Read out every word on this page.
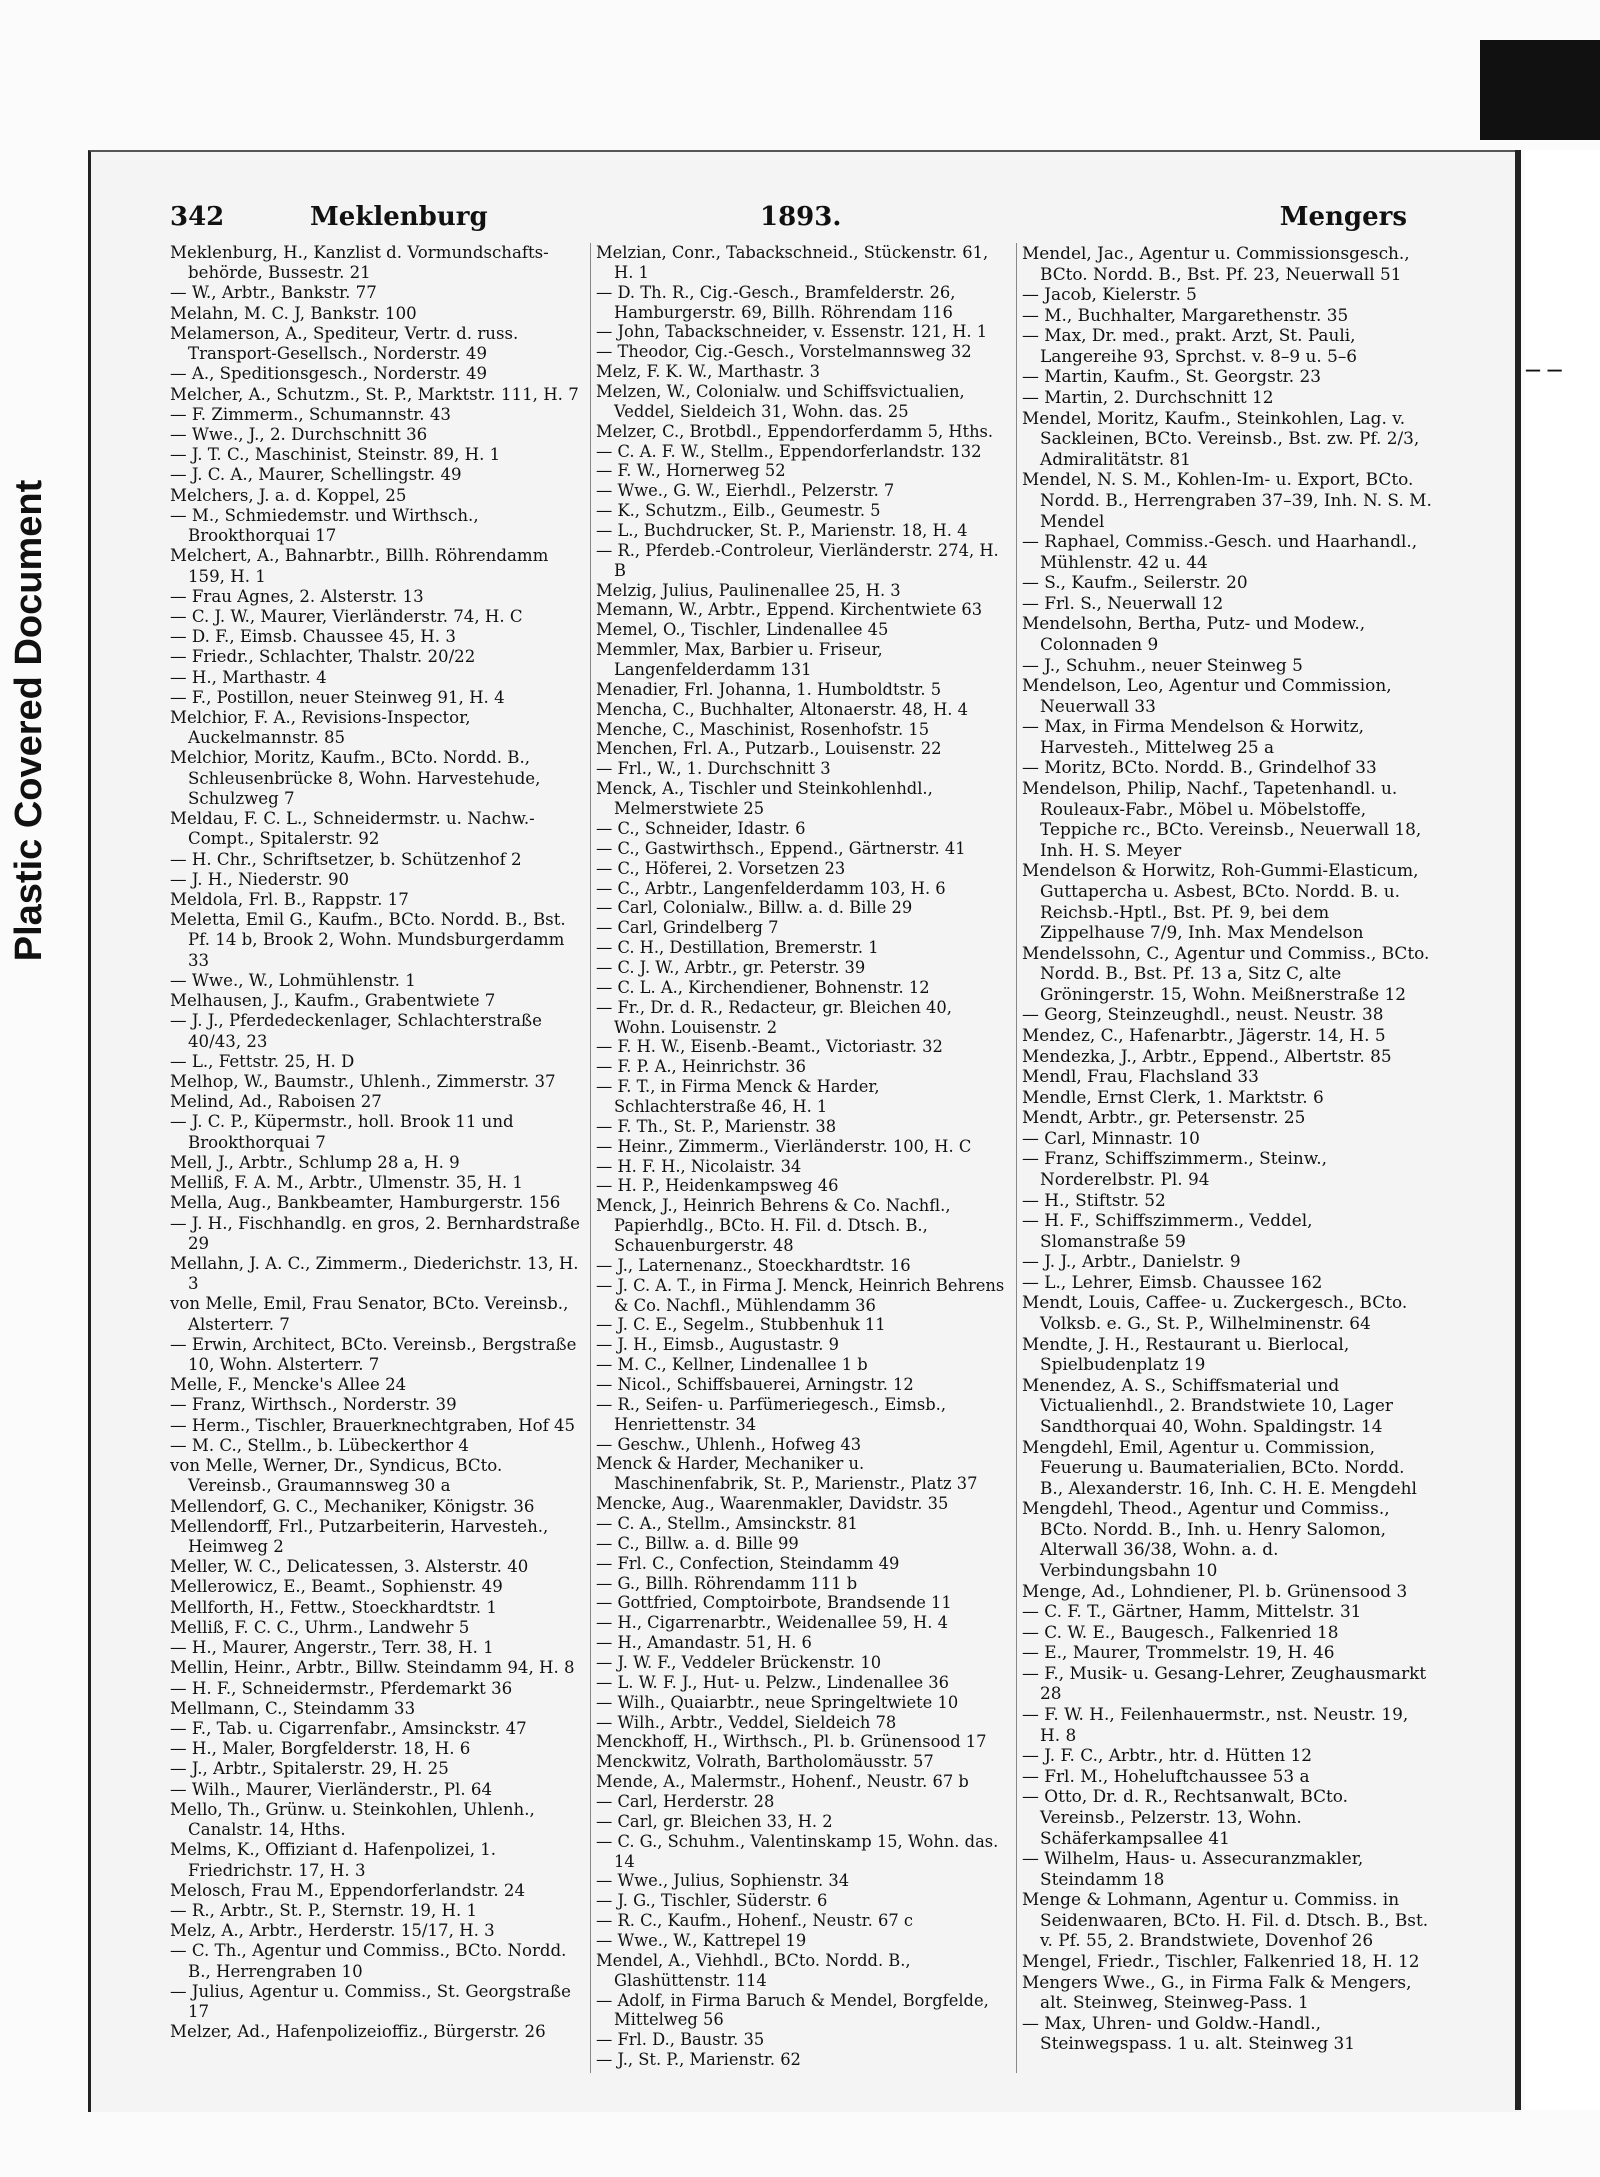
Plastic Covered Document
— —
342	Meklenburg	1893.	Mengers

Meklenburg, H., Kanzlist d. Vormundschafts-behörde, Bussestr. 21

— W., Arbtr., Bankstr. 77

Melahn, M. C. J, Bankstr. 100

Melamerson, A., Spediteur, Vertr. d. russ. Transport-Gesellsch., Norderstr. 49

— A., Speditionsgesch., Norderstr. 49

Melcher, A., Schutzm., St. P., Marktstr. 111, H. 7

— F. Zimmerm., Schumannstr. 43

— Wwe., J., 2. Durchschnitt 36

— J. T. C., Maschinist, Steinstr. 89, H. 1

— J. C. A., Maurer, Schellingstr. 49

Melchers, J. a. d. Koppel, 25

— M., Schmiedemstr. und Wirthsch., Brookthorquai 17

Melchert, A., Bahnarbtr., Billh. Röhrendamm 159, H. 1

— Frau Agnes, 2. Alsterstr. 13

— C. J. W., Maurer, Vierländerstr. 74, H. C

— D. F., Eimsb. Chaussee 45, H. 3

— Friedr., Schlachter, Thalstr. 20/22

— H., Marthastr. 4

— F., Postillon, neuer Steinweg 91, H. 4

Melchior, F. A., Revisions-Inspector, Auckelmannstr. 85

Melchior, Moritz, Kaufm., BCto. Nordd. B., Schleusenbrücke 8, Wohn. Harvestehude, Schulzweg 7

Meldau, F. C. L., Schneidermstr. u. Nachw.-Compt., Spitalerstr. 92

— H. Chr., Schriftsetzer, b. Schützenhof 2

— J. H., Niederstr. 90

Meldola, Frl. B., Rappstr. 17

Meletta, Emil G., Kaufm., BCto. Nordd. B., Bst. Pf. 14 b, Brook 2, Wohn. Mundsburgerdamm 33

— Wwe., W., Lohmühlenstr. 1

Melhausen, J., Kaufm., Grabentwiete 7

— J. J., Pferdedeckenlager, Schlachterstraße 40/43, 23

— L., Fettstr. 25, H. D

Melhop, W., Baumstr., Uhlenh., Zimmerstr. 37

Melind, Ad., Raboisen 27

— J. C. P., Küpermstr., holl. Brook 11 und Brookthorquai 7

Mell, J., Arbtr., Schlump 28 a, H. 9

Melliß, F. A. M., Arbtr., Ulmenstr. 35, H. 1

Mella, Aug., Bankbeamter, Hamburgerstr. 156

— J. H., Fischhandlg. en gros, 2. Bernhardstraße 29

Mellahn, J. A. C., Zimmerm., Diederichstr. 13, H. 3

von Melle, Emil, Frau Senator, BCto. Vereinsb., Alsterterr. 7

— Erwin, Architect, BCto. Vereinsb., Bergstraße 10, Wohn. Alsterterr. 7

Melle, F., Mencke's Allee 24

— Franz, Wirthsch., Norderstr. 39

— Herm., Tischler, Brauerknechtgraben, Hof 45

— M. C., Stellm., b. Lübeckerthor 4

von Melle, Werner, Dr., Syndicus, BCto. Vereinsb., Graumannsweg 30 a

Mellendorf, G. C., Mechaniker, Königstr. 36

Mellendorff, Frl., Putzarbeiterin, Harvesteh., Heimweg 2

Meller, W. C., Delicatessen, 3. Alsterstr. 40

Mellerowicz, E., Beamt., Sophienstr. 49

Mellforth, H., Fettw., Stoeckhardtstr. 1

Melliß, F. C. C., Uhrm., Landwehr 5

— H., Maurer, Angerstr., Terr. 38, H. 1

Mellin, Heinr., Arbtr., Billw. Steindamm 94, H. 8

— H. F., Schneidermstr., Pferdemarkt 36

Mellmann, C., Steindamm 33

— F., Tab. u. Cigarrenfabr., Amsinckstr. 47

— H., Maler, Borgfelderstr. 18, H. 6

— J., Arbtr., Spitalerstr. 29, H. 25

— Wilh., Maurer, Vierländerstr., Pl. 64

Mello, Th., Grünw. u. Steinkohlen, Uhlenh., Canalstr. 14, Hths.

Melms, K., Offiziant d. Hafenpolizei, 1. Friedrichstr. 17, H. 3

Melosch, Frau M., Eppendorferlandstr. 24

— R., Arbtr., St. P., Sternstr. 19, H. 1

Melz, A., Arbtr., Herderstr. 15/17, H. 3

— C. Th., Agentur und Commiss., BCto. Nordd. B., Herrengraben 10

— Julius, Agentur u. Commiss., St. Georgstraße 17

Melzer, Ad., Hafenpolizeioffiz., Bürgerstr. 26

Melzian, Conr., Tabackschneid., Stückenstr. 61, H. 1

— D. Th. R., Cig.-Gesch., Bramfelderstr. 26, Hamburgerstr. 69, Billh. Röhrendam 116

— John, Tabackschneider, v. Essenstr. 121, H. 1

— Theodor, Cig.-Gesch., Vorstelmannsweg 32

Melz, F. K. W., Marthastr. 3

Melzen, W., Colonialw. und Schiffsvictualien, Veddel, Sieldeich 31, Wohn. das. 25

Melzer, C., Brotbdl., Eppendorferdamm 5, Hths.

— C. A. F. W., Stellm., Eppendorferlandstr. 132

— F. W., Hornerweg 52

— Wwe., G. W., Eierhdl., Pelzerstr. 7

— K., Schutzm., Eilb., Geumestr. 5

— L., Buchdrucker, St. P., Marienstr. 18, H. 4

— R., Pferdeb.-Controleur, Vierländerstr. 274, H. B

Melzig, Julius, Paulinenallee 25, H. 3

Memann, W., Arbtr., Eppend. Kirchentwiete 63

Memel, O., Tischler, Lindenallee 45

Memmler, Max, Barbier u. Friseur, Langenfelderdamm 131

Menadier, Frl. Johanna, 1. Humboldtstr. 5

Mencha, C., Buchhalter, Altonaerstr. 48, H. 4

Menche, C., Maschinist, Rosenhofstr. 15

Menchen, Frl. A., Putzarb., Louisenstr. 22

— Frl., W., 1. Durchschnitt 3

Menck, A., Tischler und Steinkohlenhdl., Melmerstwiete 25

— C., Schneider, Idastr. 6

— C., Gastwirthsch., Eppend., Gärtnerstr. 41

— C., Höferei, 2. Vorsetzen 23

— C., Arbtr., Langenfelderdamm 103, H. 6

— Carl, Colonialw., Billw. a. d. Bille 29

— Carl, Grindelberg 7

— C. H., Destillation, Bremerstr. 1

— C. J. W., Arbtr., gr. Peterstr. 39

— C. L. A., Kirchendiener, Bohnenstr. 12

— Fr., Dr. d. R., Redacteur, gr. Bleichen 40, Wohn. Louisenstr. 2

— F. H. W., Eisenb.-Beamt., Victoriastr. 32

— F. P. A., Heinrichstr. 36

— F. T., in Firma Menck & Harder, Schlachterstraße 46, H. 1

— F. Th., St. P., Marienstr. 38

— Heinr., Zimmerm., Vierländerstr. 100, H. C

— H. F. H., Nicolaistr. 34

— H. P., Heidenkampsweg 46

Menck, J., Heinrich Behrens & Co. Nachfl., Papierhdlg., BCto. H. Fil. d. Dtsch. B., Schauenburgerstr. 48

— J., Laternenanz., Stoeckhardtstr. 16

— J. C. A. T., in Firma J. Menck, Heinrich Behrens & Co. Nachfl., Mühlendamm 36

— J. C. E., Segelm., Stubbenhuk 11

— J. H., Eimsb., Augustastr. 9

— M. C., Kellner, Lindenallee 1 b

— Nicol., Schiffsbauerei, Arningstr. 12

— R., Seifen- u. Parfümeriegesch., Eimsb., Henriettenstr. 34

— Geschw., Uhlenh., Hofweg 43

Menck & Harder, Mechaniker u. Maschinenfabrik, St. P., Marienstr., Platz 37

Mencke, Aug., Waarenmakler, Davidstr. 35

— C. A., Stellm., Amsinckstr. 81

— C., Billw. a. d. Bille 99

— Frl. C., Confection, Steindamm 49

— G., Billh. Röhrendamm 111 b

— Gottfried, Comptoirbote, Brandsende 11

— H., Cigarrenarbtr., Weidenallee 59, H. 4

— H., Amandastr. 51, H. 6

— J. W. F., Veddeler Brückenstr. 10

— L. W. F. J., Hut- u. Pelzw., Lindenallee 36

— Wilh., Quaiarbtr., neue Springeltwiete 10

— Wilh., Arbtr., Veddel, Sieldeich 78

Menckhoff, H., Wirthsch., Pl. b. Grünensood 17

Menckwitz, Volrath, Bartholomäusstr. 57

Mende, A., Malermstr., Hohenf., Neustr. 67 b

— Carl, Herderstr. 28

— Carl, gr. Bleichen 33, H. 2

— C. G., Schuhm., Valentinskamp 15, Wohn. das. 14

— Wwe., Julius, Sophienstr. 34

— J. G., Tischler, Süderstr. 6

— R. C., Kaufm., Hohenf., Neustr. 67 c

— Wwe., W., Kattrepel 19

Mendel, A., Viehhdl., BCto. Nordd. B., Glashüttenstr. 114

— Adolf, in Firma Baruch & Mendel, Borgfelde, Mittelweg 56

— Frl. D., Baustr. 35

— J., St. P., Marienstr. 62

Mendel, Jac., Agentur u. Commissionsgesch., BCto. Nordd. B., Bst. Pf. 23, Neuerwall 51

— Jacob, Kielerstr. 5

— M., Buchhalter, Margarethenstr. 35

— Max, Dr. med., prakt. Arzt, St. Pauli, Langereihe 93, Sprchst. v. 8–9 u. 5–6

— Martin, Kaufm., St. Georgstr. 23

— Martin, 2. Durchschnitt 12

Mendel, Moritz, Kaufm., Steinkohlen, Lag. v. Sackleinen, BCto. Vereinsb., Bst. zw. Pf. 2/3, Admiralitätstr. 81

Mendel, N. S. M., Kohlen-Im- u. Export, BCto. Nordd. B., Herrengraben 37–39, Inh. N. S. M. Mendel

— Raphael, Commiss.-Gesch. und Haarhandl., Mühlenstr. 42 u. 44

— S., Kaufm., Seilerstr. 20

— Frl. S., Neuerwall 12

Mendelsohn, Bertha, Putz- und Modew., Colonnaden 9

— J., Schuhm., neuer Steinweg 5

Mendelson, Leo, Agentur und Commission, Neuerwall 33

— Max, in Firma Mendelson & Horwitz, Harvesteh., Mittelweg 25 a

— Moritz, BCto. Nordd. B., Grindelhof 33

Mendelson, Philip, Nachf., Tapetenhandl. u. Rouleaux-Fabr., Möbel u. Möbelstoffe, Teppiche rc., BCto. Vereinsb., Neuerwall 18, Inh. H. S. Meyer

Mendelson & Horwitz, Roh-Gummi-Elasticum, Guttapercha u. Asbest, BCto. Nordd. B. u. Reichsb.-Hptl., Bst. Pf. 9, bei dem Zippelhause 7/9, Inh. Max Mendelson

Mendelssohn, C., Agentur und Commiss., BCto. Nordd. B., Bst. Pf. 13 a, Sitz C, alte Gröningerstr. 15, Wohn. Meißnerstraße 12

— Georg, Steinzeughdl., neust. Neustr. 38

Mendez, C., Hafenarbtr., Jägerstr. 14, H. 5

Mendezka, J., Arbtr., Eppend., Albertstr. 85

Mendl, Frau, Flachsland 33

Mendle, Ernst Clerk, 1. Marktstr. 6

Mendt, Arbtr., gr. Petersenstr. 25

— Carl, Minnastr. 10

— Franz, Schiffszimmerm., Steinw., Norderelbstr. Pl. 94

— H., Stiftstr. 52

— H. F., Schiffszimmerm., Veddel, Slomanstraße 59

— J. J., Arbtr., Danielstr. 9

— L., Lehrer, Eimsb. Chaussee 162

Mendt, Louis, Caffee- u. Zuckergesch., BCto. Volksb. e. G., St. P., Wilhelminenstr. 64

Mendte, J. H., Restaurant u. Bierlocal, Spielbudenplatz 19

Menendez, A. S., Schiffsmaterial und Victualienhdl., 2. Brandstwiete 10, Lager Sandthorquai 40, Wohn. Spaldingstr. 14

Mengdehl, Emil, Agentur u. Commission, Feuerung u. Baumaterialien, BCto. Nordd. B., Alexanderstr. 16, Inh. C. H. E. Mengdehl

Mengdehl, Theod., Agentur und Commiss., BCto. Nordd. B., Inh. u. Henry Salomon, Alterwall 36/38, Wohn. a. d. Verbindungsbahn 10

Menge, Ad., Lohndiener, Pl. b. Grünensood 3

— C. F. T., Gärtner, Hamm, Mittelstr. 31

— C. W. E., Baugesch., Falkenried 18

— E., Maurer, Trommelstr. 19, H. 46

— F., Musik- u. Gesang-Lehrer, Zeughausmarkt 28

— F. W. H., Feilenhauermstr., nst. Neustr. 19, H. 8

— J. F. C., Arbtr., htr. d. Hütten 12

— Frl. M., Hoheluftchaussee 53 a

— Otto, Dr. d. R., Rechtsanwalt, BCto. Vereinsb., Pelzerstr. 13, Wohn. Schäferkampsallee 41

— Wilhelm, Haus- u. Assecuranzmakler, Steindamm 18

Menge & Lohmann, Agentur u. Commiss. in Seidenwaaren, BCto. H. Fil. d. Dtsch. B., Bst. v. Pf. 55, 2. Brandstwiete, Dovenhof 26

Mengel, Friedr., Tischler, Falkenried 18, H. 12

Mengers Wwe., G., in Firma Falk & Mengers, alt. Steinweg, Steinweg-Pass. 1

— Max, Uhren- und Goldw.-Handl., Steinwegspass. 1 u. alt. Steinweg 31
